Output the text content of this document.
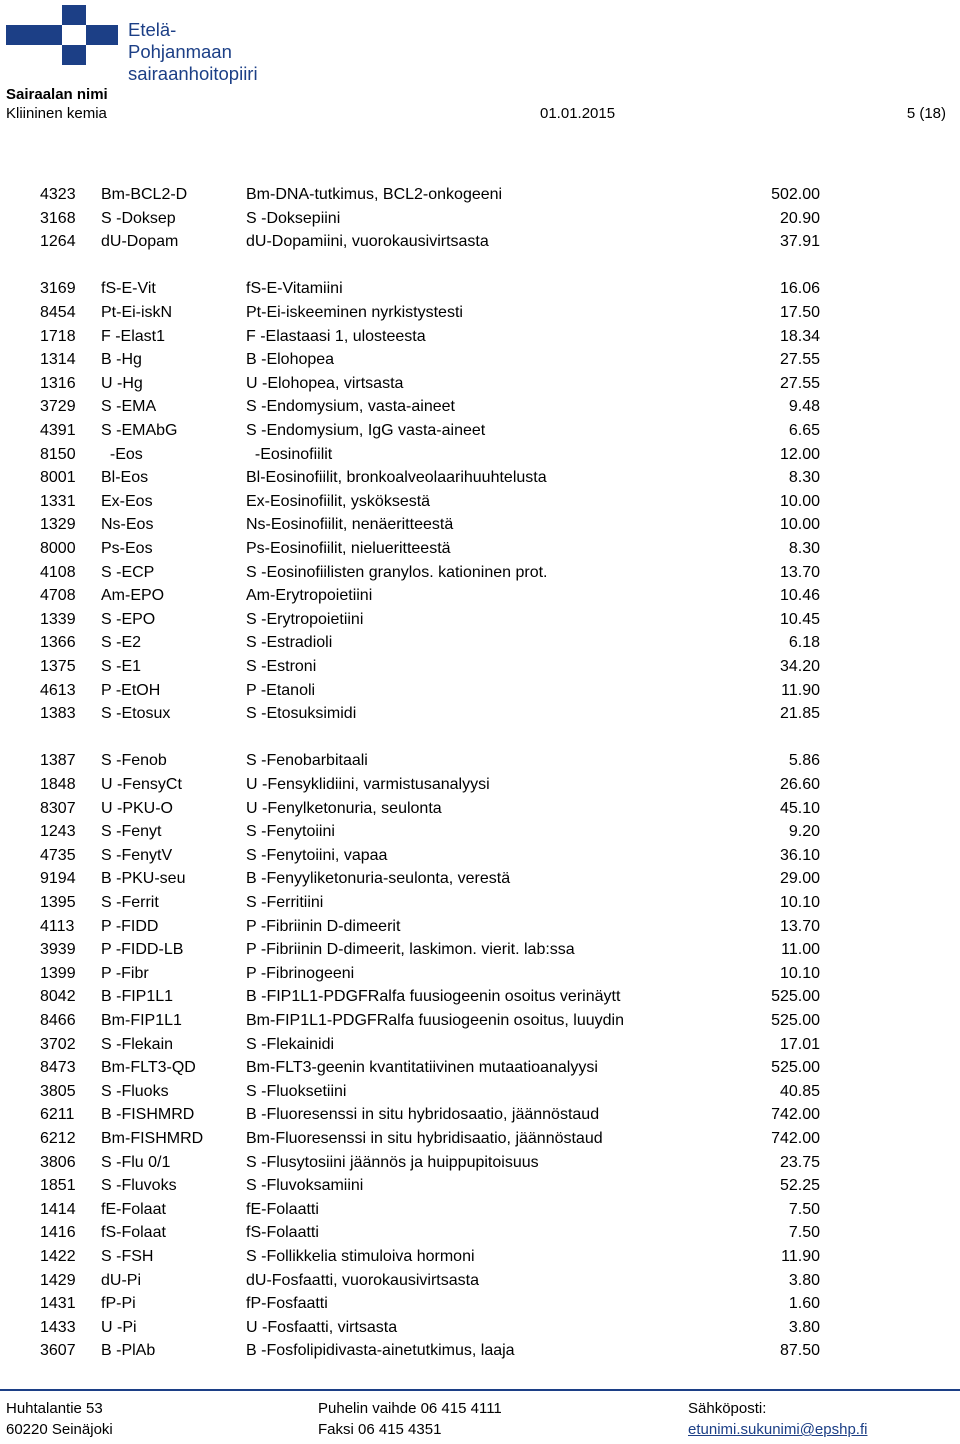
Etelä-Pohjanmaan
sairaanhoitopiiri
Sairaalan nimi
Kliininen kemia	01.01.2015	5 (18)
4323 Bm-BCL2-D	Bm-DNA-tutkimus, BCL2-onkogeeni	502.00
3168 S -Doksep	S -Doksepiini	20.90
1264 dU-Dopam	dU-Dopamiini, vuorokausivirtsasta	37.91
3169 fS-E-Vit	fS-E-Vitamiini	16.06
8454 Pt-Ei-iskN	Pt-Ei-iskeeminen nyrkistystesti	17.50
1718 F -Elast1	F -Elastaasi 1, ulosteesta	18.34
1314 B -Hg	B -Elohopea	27.55
1316 U -Hg	U -Elohopea, virtsasta	27.55
3729 S -EMA	S -Endomysium, vasta-aineet	9.48
4391 S -EMAbG	S -Endomysium, IgG vasta-aineet	6.65
8150 -Eos	-Eosinofiilit	12.00
8001 Bl-Eos	Bl-Eosinofiilit, bronkoalveolaarihuuhtelusta	8.30
1331 Ex-Eos	Ex-Eosinofiilit, ysköksestä	10.00
1329 Ns-Eos	Ns-Eosinofiilit, nenäeritteestä	10.00
8000 Ps-Eos	Ps-Eosinofiilit, nielueritteestä	8.30
4108 S -ECP	S -Eosinofiilisten granylos. kationinen prot.	13.70
4708 Am-EPO	Am-Erytropoietiini	10.46
1339 S -EPO	S -Erytropoietiini	10.45
1366 S -E2	S -Estradioli	6.18
1375 S -E1	S -Estroni	34.20
4613 P -EtOH	P -Etanoli	11.90
1383 S -Etosux	S -Etosuksimidi	21.85
1387 S -Fenob	S -Fenobarbitaali	5.86
1848 U -FensyCt	U -Fensyklidiini, varmistusanalyysi	26.60
8307 U -PKU-O	U -Fenylketonuria, seulonta	45.10
1243 S -Fenyt	S -Fenytoiini	9.20
4735 S -FenytV	S -Fenytoiini, vapaa	36.10
9194 B -PKU-seu	B -Fenyyliketonuria-seulonta, verestä	29.00
1395 S -Ferrit	S -Ferritiini	10.10
4113 P -FIDD	P -Fibriinin D-dimeerit	13.70
3939 P -FIDD-LB	P -Fibriinin D-dimeerit, laskimon. vierit. lab:ssa	11.00
1399 P -Fibr	P -Fibrinogeeni	10.10
8042 B -FIP1L1	B -FIP1L1-PDGFRalfa fuusiogeenin osoitus verinäytt	525.00
8466 Bm-FIP1L1	Bm-FIP1L1-PDGFRalfa fuusiogeenin osoitus, luuydin	525.00
3702 S -Flekain	S -Flekainidi	17.01
8473 Bm-FLT3-QD	Bm-FLT3-geenin kvantitatiivinen mutaatioanalyysi	525.00
3805 S -Fluoks	S -Fluoksetiini	40.85
6211 B -FISHMRD	B -Fluoresenssi in situ hybridosaatio, jäännöstaud	742.00
6212 Bm-FISHMRD	Bm-Fluoresenssi in situ hybridisaatio, jäännöstaud	742.00
3806 S -Flu 0/1	S -Flusytosiini jäännös ja huippupitoisuus	23.75
1851 S -Fluvoks	S -Fluvoksamiini	52.25
1414 fE-Folaat	fE-Folaatti	7.50
1416 fS-Folaat	fS-Folaatti	7.50
1422 S -FSH	S -Follikkelia stimuloiva hormoni	11.90
1429 dU-Pi	dU-Fosfaatti, vuorokausivirtsasta	3.80
1431 fP-Pi	fP-Fosfaatti	1.60
1433 U -Pi	U -Fosfaatti, virtsasta	3.80
3607 B -PlAb	B -Fosfolipidivasta-ainetutkimus, laaja	87.50
Huhtalantie 53
60220 Seinäjoki
Puhelin vaihde 06 415 4111
Faksi 06 415 4351
Sähköposti:
etunimi.sukunimi@epshp.fi
